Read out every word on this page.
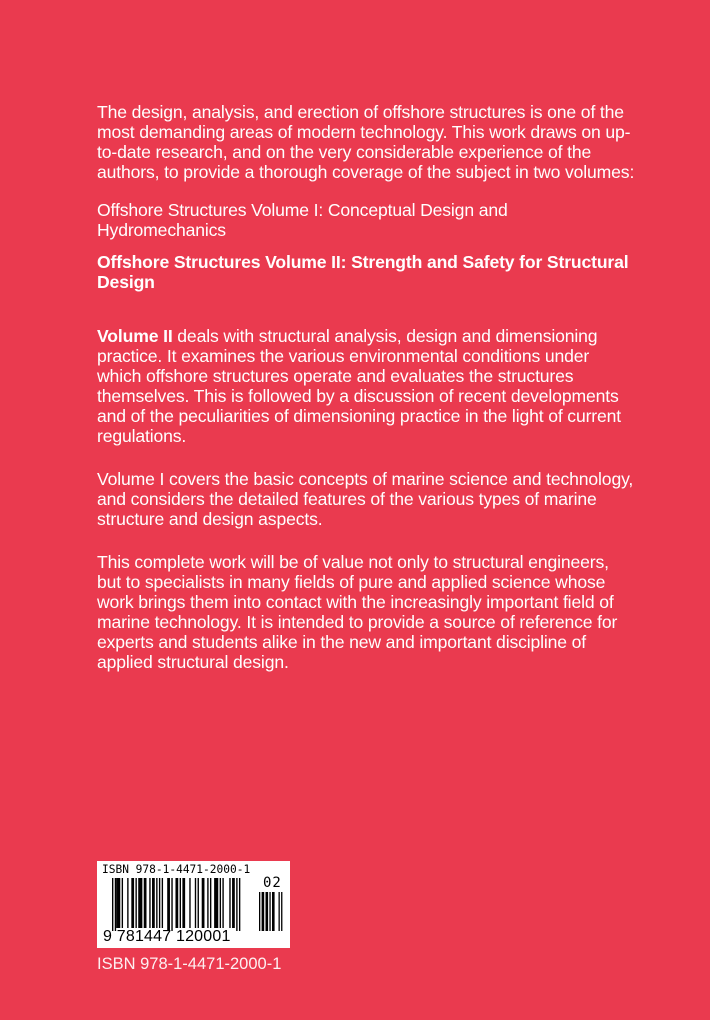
The design, analysis, and erection of offshore structures is one of the most demanding areas of modern technology. This work draws on up-to-date research, and on the very considerable experience of the authors, to provide a thorough coverage of the subject in two volumes:

Offshore Structures Volume I: Conceptual Design and Hydromechanics

Offshore Structures Volume II: Strength and Safety for Structural Design

Volume II deals with structural analysis, design and dimensioning practice. It examines the various environmental conditions under which offshore structures operate and evaluates the structures themselves. This is followed by a discussion of recent developments and of the peculiarities of dimensioning practice in the light of current regulations.

Volume I covers the basic concepts of marine science and technology, and considers the detailed features of the various types of marine structure and design aspects.

This complete work will be of value not only to structural engineers, but to specialists in many fields of pure and applied science whose work brings them into contact with the increasingly important field of marine technology. It is intended to provide a source of reference for experts and students alike in the new and important discipline of applied structural design.

ISBN 978-1-4471-2000-1
9 781447 120001
02
ISBN 978-1-4471-2000-1
